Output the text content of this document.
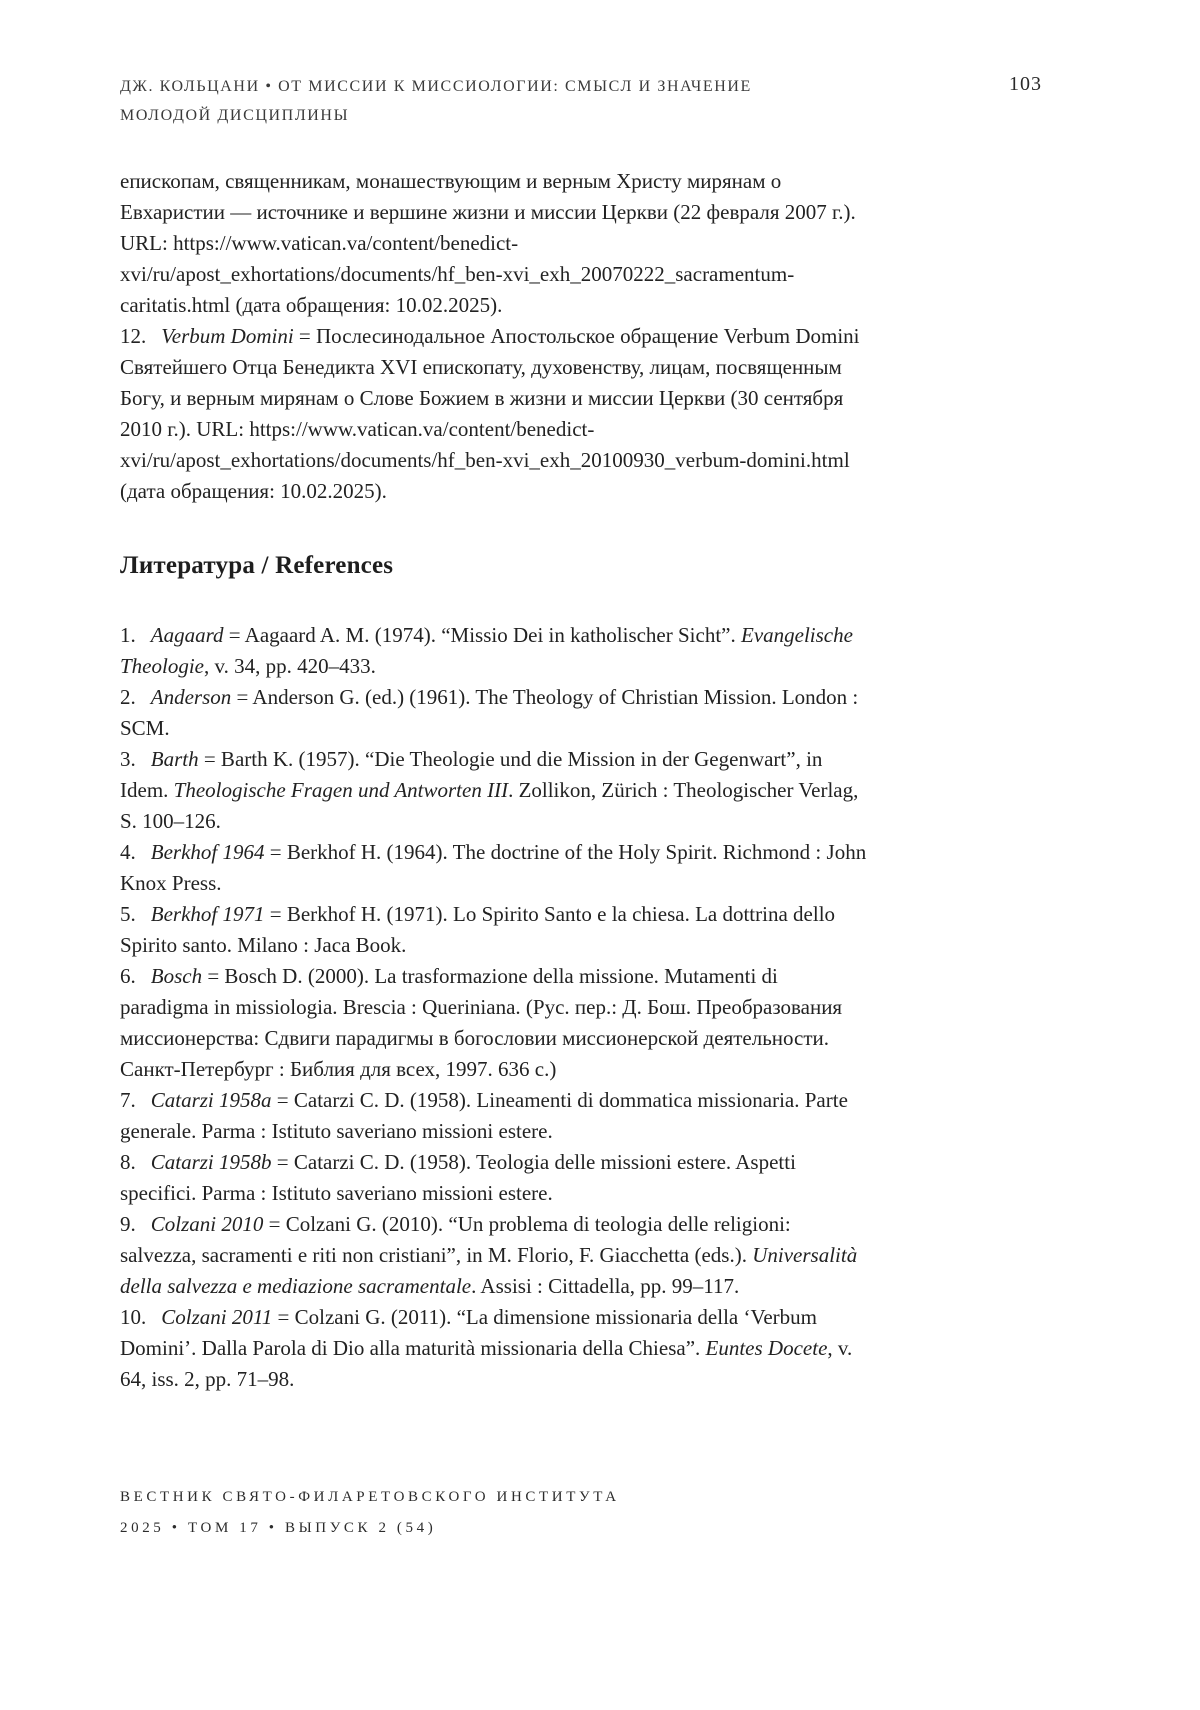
ДЖ. КОЛЬЦАНИ • ОТ МИССИИ К МИССИОЛОГИИ: СМЫСЛ И ЗНАЧЕНИЕ
МОЛОДОЙ ДИСЦИПЛИНЫ
103

епископам, священникам, монашествующим и верным Христу мирянам о Евхаристии — источнике и вершине жизни и миссии Церкви (22 февраля 2007 г.). URL: https://www.vatican.va/content/benedict-xvi/ru/apost_exhortations/documents/hf_ben-xvi_exh_20070222_sacramentum-caritatis.html (дата обращения: 10.02.2025).

12. Verbum Domini = Послесинодальное Апостольское обращение Verbum Domini Святейшего Отца Бенедикта XVI епископату, духовенству, лицам, посвященным Богу, и верным мирянам о Слове Божием в жизни и миссии Церкви (30 сентября 2010 г.). URL: https://www.vatican.va/content/benedict-xvi/ru/apost_exhortations/documents/hf_ben-xvi_exh_20100930_verbum-domini.html (дата обращения: 10.02.2025).

Литература / References

1. Aagaard = Aagaard A. M. (1974). “Missio Dei in katholischer Sicht”. Evangelische Theologie, v. 34, pp. 420–433.

2. Anderson = Anderson G. (ed.) (1961). The Theology of Christian Mission. London : SCM.

3. Barth = Barth K. (1957). “Die Theologie und die Mission in der Gegenwart”, in Idem. Theologische Fragen und Antworten III. Zollikon, Zürich : Theologischer Verlag, S. 100–126.

4. Berkhof 1964 = Berkhof H. (1964). The doctrine of the Holy Spirit. Richmond : John Knox Press.

5. Berkhof 1971 = Berkhof H. (1971). Lo Spirito Santo e la chiesa. La dottrina dello Spirito santo. Milano : Jaca Book.

6. Bosch = Bosch D. (2000). La trasformazione della missione. Mutamenti di paradigma in missiologia. Brescia : Queriniana. (Рус. пер.: Д. Бош. Преобразования миссионерства: Сдвиги парадигмы в богословии миссионерской деятельности. Санкт-Петербург : Библия для всех, 1997. 636 с.)

7. Catarzi 1958a = Catarzi C. D. (1958). Lineamenti di dommatica missionaria. Parte generale. Parma : Istituto saveriano missioni estere.

8. Catarzi 1958b = Catarzi C. D. (1958). Teologia delle missioni estere. Aspetti specifici. Parma : Istituto saveriano missioni estere.

9. Colzani 2010 = Colzani G. (2010). “Un problema di teologia delle religioni: salvezza, sacramenti e riti non cristiani”, in M. Florio, F. Giacchetta (eds.). Universalità della salvezza e mediazione sacramentale. Assisi : Cittadella, pp. 99–117.

10. Colzani 2011 = Colzani G. (2011). “La dimensione missionaria della ‘Verbum Domini’. Dalla Parola di Dio alla maturità missionaria della Chiesa”. Euntes Docete, v. 64, iss. 2, pp. 71–98.

ВЕСТНИК СВЯТО-ФИЛАРЕТОВСКОГО ИНСТИТУТА
2025 • ТОМ 17 • ВЫПУСК 2 (54)
